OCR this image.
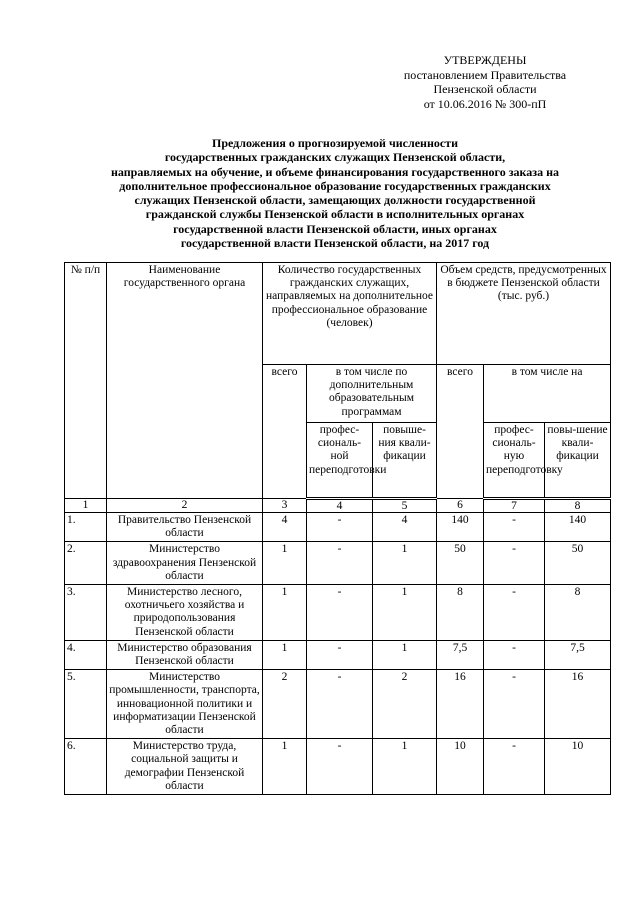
УТВЕРЖДЕНЫ
постановлением Правительства
Пензенской области
от 10.06.2016 № 300-пП
Предложения о прогнозируемой численности
государственных гражданских служащих Пензенской области,
направляемых на обучение, и объеме финансирования государственного заказа на
дополнительное профессиональное образование государственных гражданских
служащих Пензенской области, замещающих должности государственной
гражданской службы Пензенской области в исполнительных органах
государственной власти Пензенской области, иных органах
государственной власти Пензенской области, на 2017 год
№ п/п	Наименование государственного органа	Количество государственных гражданских служащих, направляемых на дополнительное профессиональное образование (человек)			Объем средств, предусмотренных в бюджете Пензенской области (тыс. руб.)		
		всего	в том числе по дополнительным образовательным программам		всего	в том числе на	
			профес-сиональ-ной переподготовки	повыше-ния квали-фикации		профес-сиональ-ную переподготовку	повы-шение квали-фикации
1	2	3	4	5	6	7	8
1.	Правительство Пензенской области	4	-	4	140	-	140
2.	Министерство здравоохранения Пензенской области	1	-	1	50	-	50
3.	Министерство лесного, охотничьего хозяйства и природопользования Пензенской области	1	-	1	8	-	8
4.	Министерство образования Пензенской области	1	-	1	7,5	-	7,5
5.	Министерство промышленности, транспорта, инновационной политики и информатизации Пензенской области	2	-	2	16	-	16
6.	Министерство труда, социальной защиты и демографии Пензенской области	1	-	1	10	-	10
